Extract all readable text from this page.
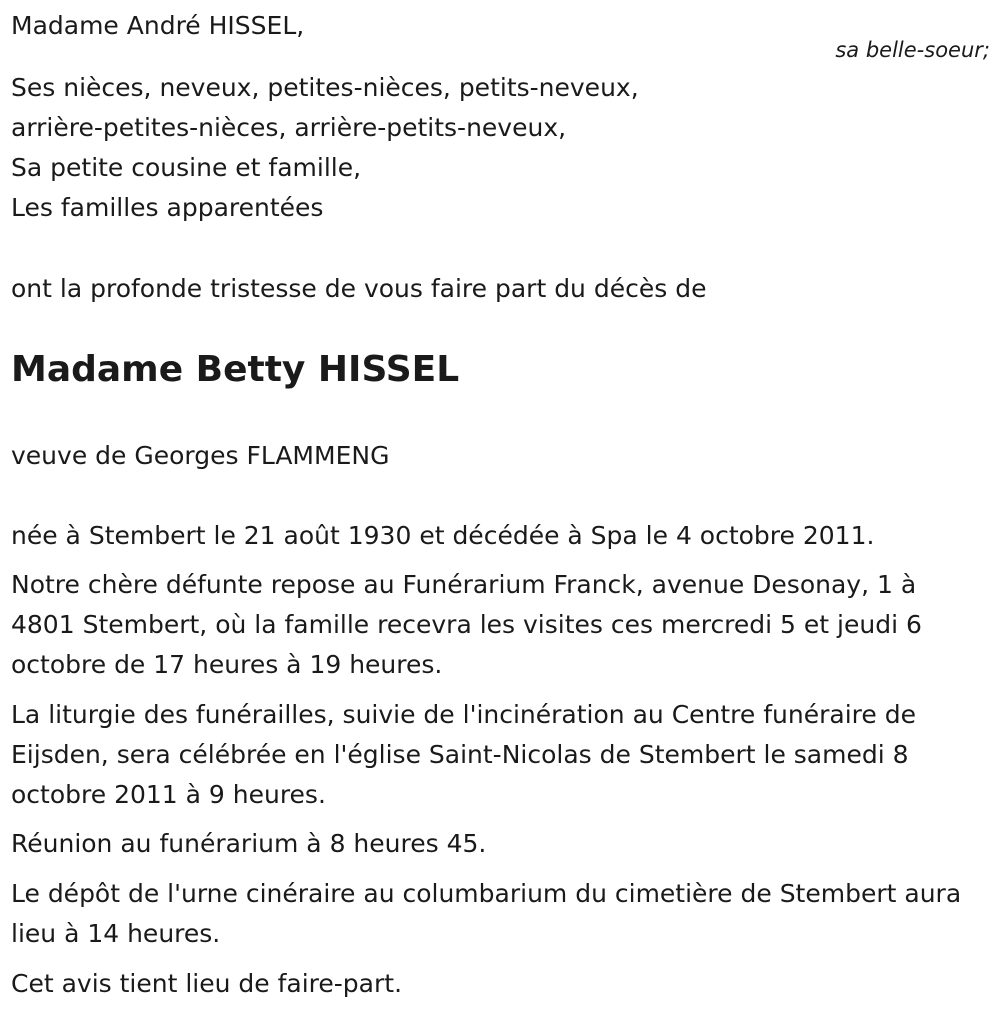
Madame André HISSEL,

sa belle-soeur;

Ses nièces, neveux, petites-nièces, petits-neveux,
arrière-petites-nièces, arrière-petits-neveux,
Sa petite cousine et famille,
Les familles apparentées

ont la profonde tristesse de vous faire part du décès de

Madame Betty HISSEL

veuve de Georges FLAMMENG

née à Stembert le 21 août 1930 et décédée à Spa le 4 octobre 2011.

Notre chère défunte repose au Funérarium Franck, avenue Desonay, 1 à 4801 Stembert, où la famille recevra les visites ces mercredi 5 et jeudi 6 octobre de 17 heures à 19 heures.

La liturgie des funérailles, suivie de l'incinération au Centre funéraire de Eijsden, sera célébrée en l'église Saint-Nicolas de Stembert le samedi 8 octobre 2011 à 9 heures.

Réunion au funérarium à 8 heures 45.

Le dépôt de l'urne cinéraire au columbarium du cimetière de Stembert aura lieu à 14 heures.

Cet avis tient lieu de faire-part.
